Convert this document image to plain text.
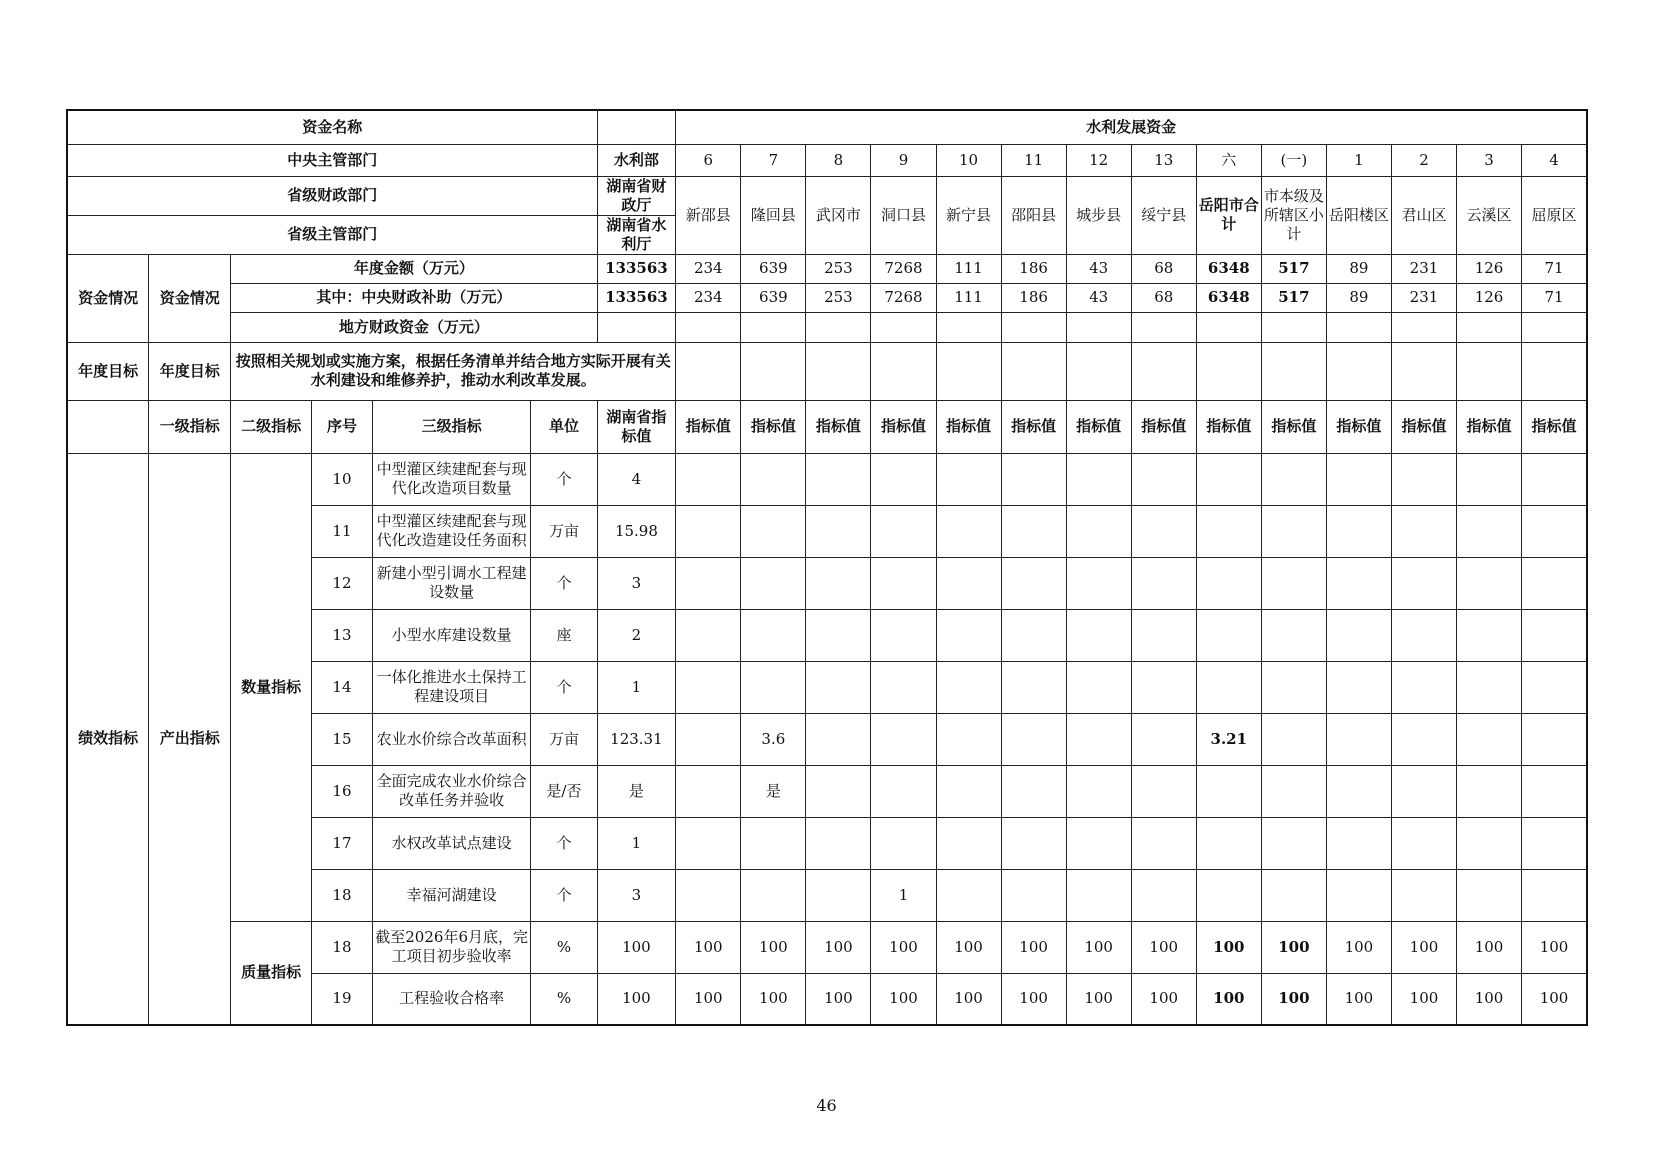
资金名称							水利发展资金													
中央主管部门						水利部	6	7	8	9	10	11	12	13	六	(一)	1	2	3	4
省级财政部门						湖南省财政厅	新邵县	隆回县	武冈市	洞口县	新宁县	邵阳县	城步县	绥宁县	岳阳市合计	市本级及所辖区小计	岳阳楼区	君山区	云溪区	屈原区
省级主管部门						湖南省水利厅														
资金情况	资金情况	年度金额（万元）				133563	234	639	253	7268	111	186	43	68	6348	517	89	231	126	71
		其中：中央财政补助（万元）				133563	234	639	253	7268	111	186	43	68	6348	517	89	231	126	71
		地方财政资金（万元）																		
年度目标	年度目标	按照相关规划或实施方案，根据任务清单并结合地方实际开展有关水利建设和维修养护，推动水利改革发展。																		
	一级指标	二级指标	序号	三级指标	单位	湖南省指标值	指标值	指标值	指标值	指标值	指标值	指标值	指标值	指标值	指标值	指标值	指标值	指标值	指标值	指标值
绩效指标	产出指标	数量指标	10	中型灌区续建配套与现代化改造项目数量	个	4														
			11	中型灌区续建配套与现代化改造建设任务面积	万亩	15.98														
			12	新建小型引调水工程建设数量	个	3														
			13	小型水库建设数量	座	2														
			14	一体化推进水土保持工程建设项目	个	1														
			15	农业水价综合改革面积	万亩	123.31		3.6							3.21					
			16	全面完成农业水价综合改革任务并验收	是/否	是		是												
			17	水权改革试点建设	个	1														
			18	幸福河湖建设	个	3				1										
		质量指标	18	截至2026年6月底，完工项目初步验收率	%	100	100	100	100	100	100	100	100	100	100	100	100	100	100	100
			19	工程验收合格率	%	100	100	100	100	100	100	100	100	100	100	100	100	100	100	100
46
